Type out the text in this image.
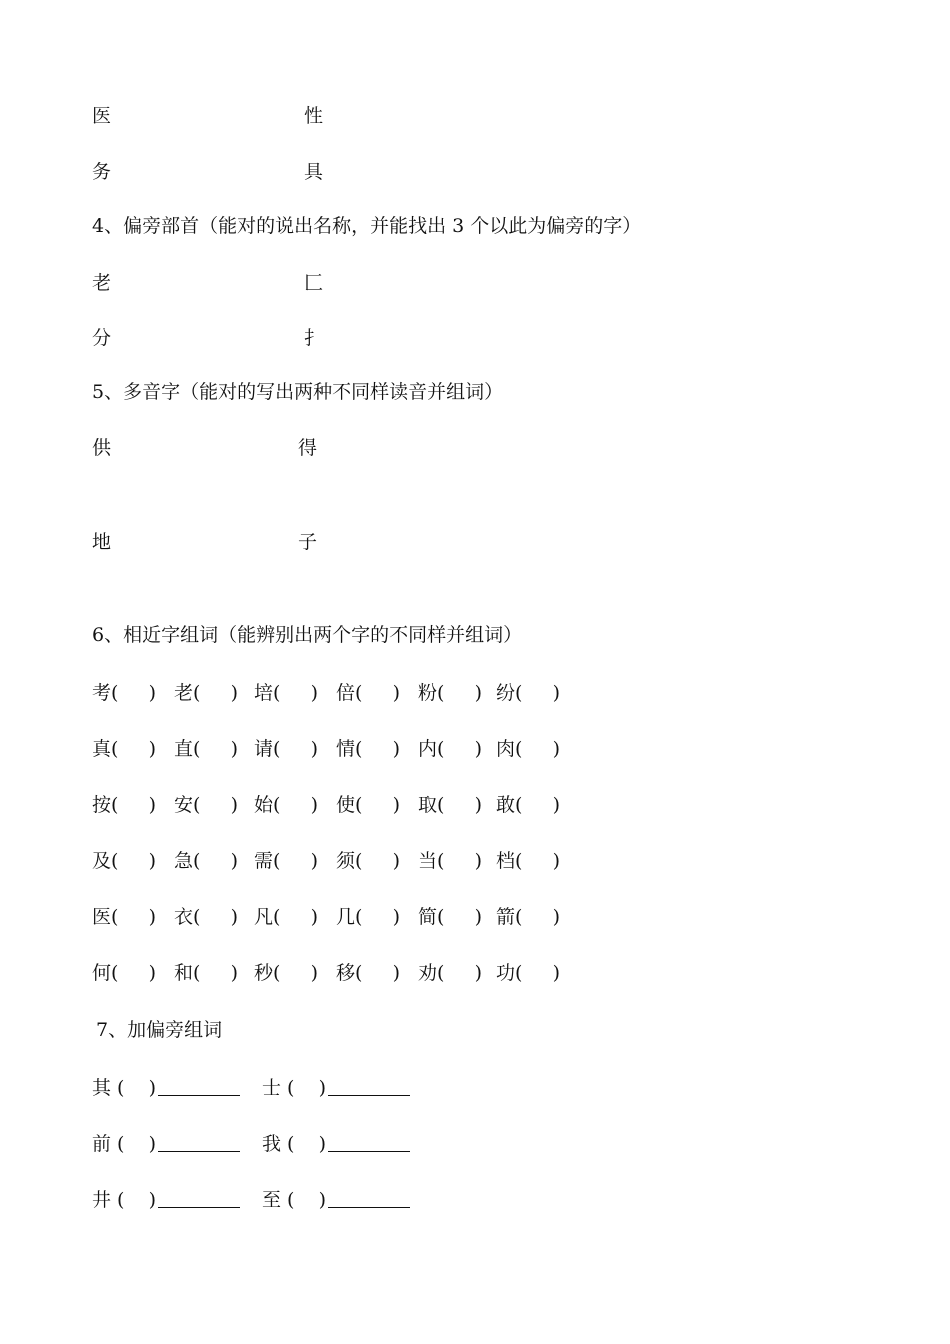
医	性
务	具
4、偏旁部首（能对的说出名称，并能找出 3 个以此为偏旁的字）
老	匚
分	扌
5、多音字（能对的写出两种不同样读音并组词）
供	得
地	子
6、相近字组词（能辨别出两个字的不同样并组词）
考(     ) 老(     ) 培(     ) 倍(     ) 粉(     ) 纷(     )
真(     ) 直(     ) 请(     ) 情(     ) 内(     ) 肉(     )
按(     ) 安(     ) 始(     ) 使(     ) 取(     ) 敢(     )
及(     ) 急(     ) 需(     ) 须(     ) 当(     ) 档(     )
医(     ) 衣(     ) 凡(     ) 几(     ) 简(     ) 箭(     )
何(     ) 和(     ) 秒(     ) 移(     ) 劝(     ) 功(     )
7、加偏旁组词
其 (    )	士 (    )
前 (    )	我 (    )
井 (    )	至 (    )
